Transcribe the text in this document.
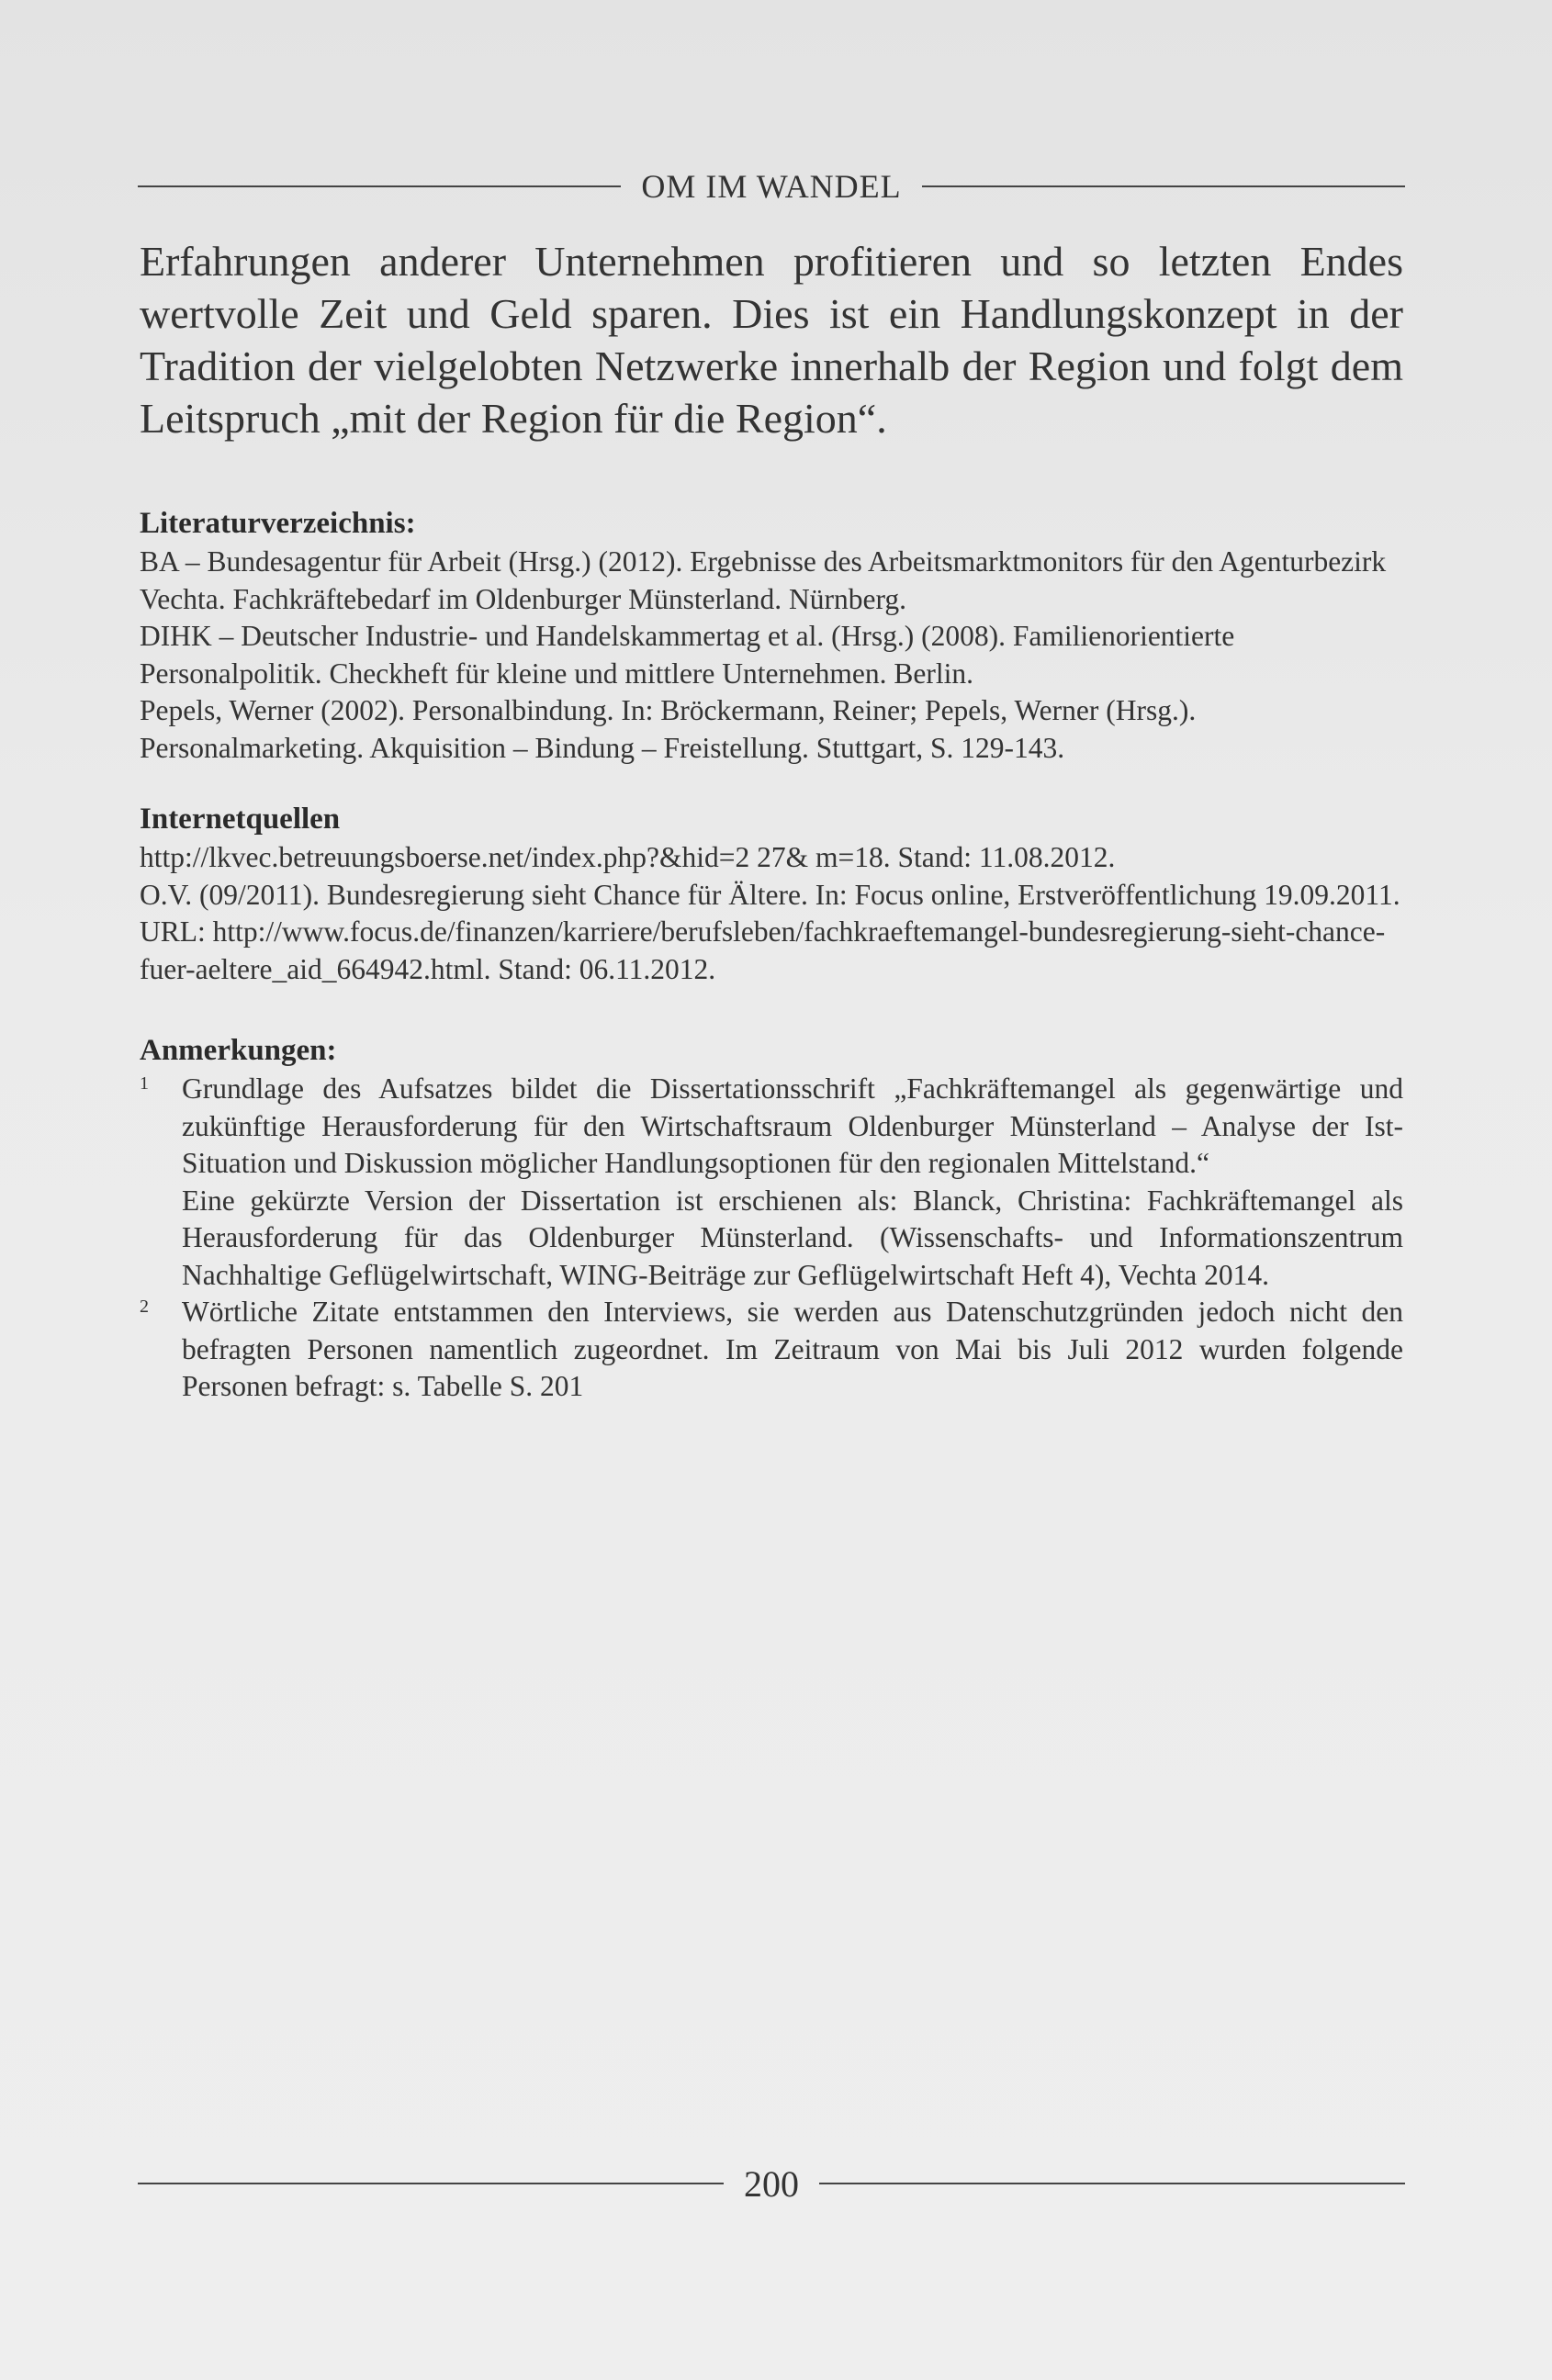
OM IM WANDEL
Erfahrungen anderer Unternehmen profitieren und so letzten Endes wertvolle Zeit und Geld sparen. Dies ist ein Handlungskonzept in der Tradition der vielgelobten Netzwerke innerhalb der Region und folgt dem Leitspruch „mit der Region für die Region“.
Literaturverzeichnis:

BA – Bundesagentur für Arbeit (Hrsg.) (2012). Ergebnisse des Arbeitsmarktmonitors für den Agenturbezirk Vechta. Fachkräftebedarf im Oldenburger Münsterland. Nürnberg.

DIHK – Deutscher Industrie- und Handelskammertag et al. (Hrsg.) (2008). Familienorientierte Personalpolitik. Checkheft für kleine und mittlere Unternehmen. Berlin.

Pepels, Werner (2002). Personalbindung. In: Bröckermann, Reiner; Pepels, Werner (Hrsg.). Personalmarketing. Akquisition – Bindung – Freistellung. Stuttgart, S. 129-143.

Internetquellen

http://lkvec.betreuungsboerse.net/index.php?&hid=2 27& m=18. Stand: 11.08.2012.

O.V. (09/2011). Bundesregierung sieht Chance für Ältere. In: Focus online, Erstveröffentlichung 19.09.2011. URL: http://www.focus.de/finanzen/karriere/berufsleben/fachkraeftemangel-bundesregierung-sieht-chance-fuer-aeltere_aid_664942.html. Stand: 06.11.2012.

Anmerkungen:
1 Grundlage des Aufsatzes bildet die Dissertationsschrift „Fachkräftemangel als gegenwärtige und zukünftige Herausforderung für den Wirtschaftsraum Oldenburger Münsterland – Analyse der Ist-Situation und Diskussion möglicher Handlungsoptionen für den regionalen Mittelstand.“

Eine gekürzte Version der Dissertation ist erschienen als: Blanck, Christina: Fachkräftemangel als Herausforderung für das Oldenburger Münsterland. (Wissenschafts- und Informationszentrum Nachhaltige Geflügelwirtschaft, WING-Beiträge zur Geflügelwirtschaft Heft 4), Vechta 2014.

2 Wörtliche Zitate entstammen den Interviews, sie werden aus Datenschutzgründen jedoch nicht den befragten Personen namentlich zugeordnet. Im Zeitraum von Mai bis Juli 2012 wurden folgende Personen befragt: s. Tabelle S. 201

200
